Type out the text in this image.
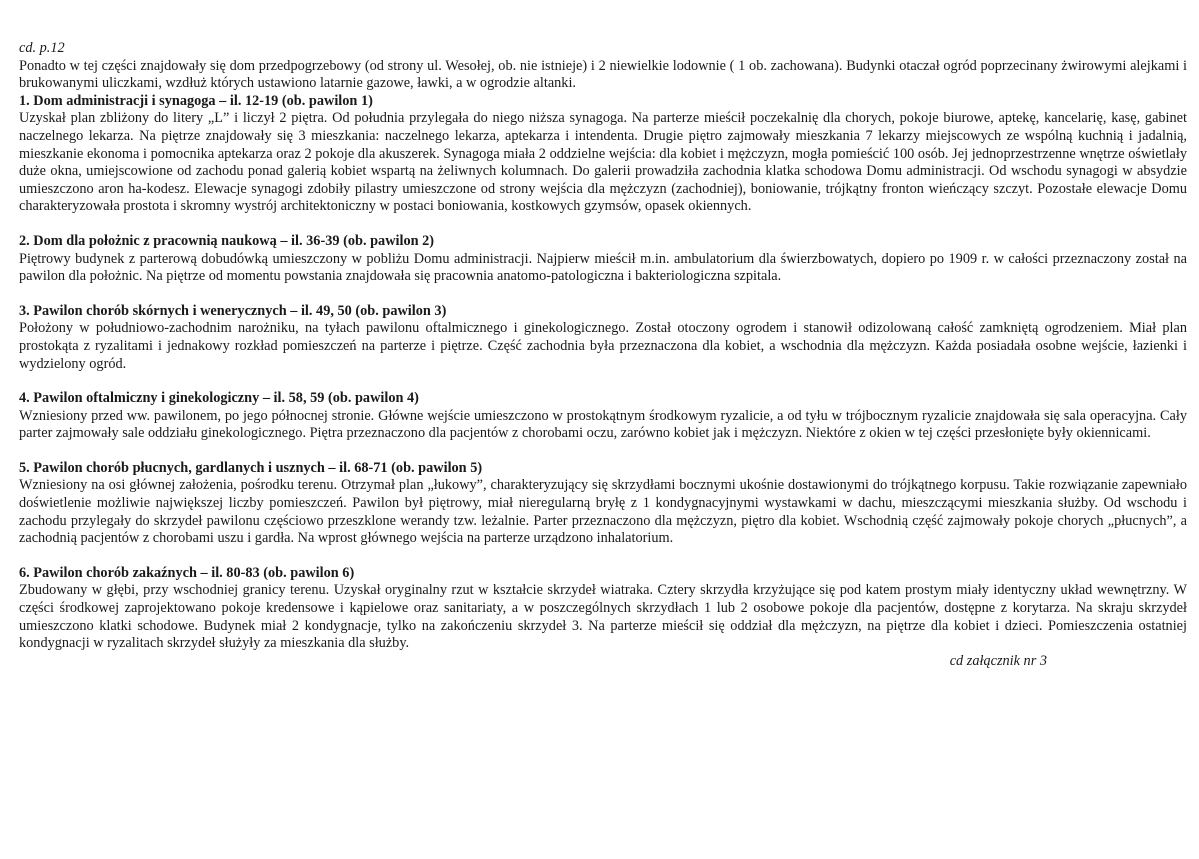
cd. p.12

Ponadto w tej części znajdowały się dom przedpogrzebowy (od strony ul. Wesołej, ob. nie istnieje) i 2 niewielkie lodownie ( 1 ob. zachowana). Budynki otaczał ogród poprzecinany żwirowymi alejkami i brukowanymi uliczkami, wzdłuż których ustawiono latarnie gazowe, ławki, a w ogrodzie altanki.

1. Dom administracji i synagoga – il. 12-19 (ob. pawilon 1)

Uzyskał plan zbliżony do litery „L” i liczył 2 piętra. Od południa przylegała do niego niższa synagoga. Na parterze mieścił poczekalnię dla chorych, pokoje biurowe, aptekę, kancelarię, kasę, gabinet naczelnego lekarza. Na piętrze znajdowały się 3 mieszkania: naczelnego lekarza, aptekarza i intendenta. Drugie piętro zajmowały mieszkania 7 lekarzy miejscowych ze wspólną kuchnią i jadalnią, mieszkanie ekonoma i pomocnika aptekarza oraz 2 pokoje dla akuszerek. Synagoga miała 2 oddzielne wejścia: dla kobiet i mężczyzn, mogła pomieścić 100 osób. Jej jednoprzestrzenne wnętrze oświetlały duże okna, umiejscowione od zachodu ponad galerią kobiet wspartą na żeliwnych kolumnach. Do galerii prowadziła zachodnia klatka schodowa Domu administracji. Od wschodu synagogi w absydzie umieszczono aron ha-kodesz. Elewacje synagogi zdobiły pilastry umieszczone od strony wejścia dla mężczyzn (zachodniej), boniowanie, trójkątny fronton wieńczący szczyt. Pozostałe elewacje Domu charakteryzowała prostota i skromny wystrój architektoniczny w postaci boniowania, kostkowych gzymsów, opasek okiennych.

2. Dom dla położnic z pracownią naukową – il. 36-39 (ob. pawilon 2)

Piętrowy budynek z parterową dobudówką umieszczony w pobliżu Domu administracji. Najpierw mieścił m.in. ambulatorium dla świerzbowatych, dopiero po 1909 r. w całości przeznaczony został na pawilon dla położnic. Na piętrze od momentu powstania znajdowała się pracownia anatomo-patologiczna i bakteriologiczna szpitala.

3. Pawilon chorób skórnych i wenerycznych – il. 49, 50 (ob. pawilon 3)

Położony w południowo-zachodnim narożniku, na tyłach pawilonu oftalmicznego i ginekologicznego. Został otoczony ogrodem i stanowił odizolowaną całość zamkniętą ogrodzeniem. Miał plan prostokąta z ryzalitami i jednakowy rozkład pomieszczeń na parterze i piętrze. Część zachodnia była przeznaczona dla kobiet, a wschodnia dla mężczyzn. Każda posiadała osobne wejście, łazienki i wydzielony ogród.

4. Pawilon oftalmiczny i ginekologiczny – il. 58, 59 (ob. pawilon 4)

Wzniesiony przed ww. pawilonem, po jego północnej stronie. Główne wejście umieszczono w prostokątnym środkowym ryzalicie, a od tyłu w trójbocznym ryzalicie znajdowała się sala operacyjna. Cały parter zajmowały sale oddziału ginekologicznego. Piętra przeznaczono dla pacjentów z chorobami oczu, zarówno kobiet jak i mężczyzn. Niektóre z okien w tej części przesłonięte były okiennicami.

5. Pawilon chorób płucnych, gardlanych i usznych – il. 68-71 (ob. pawilon 5)

Wzniesiony na osi głównej założenia, pośrodku terenu. Otrzymał plan „łukowy”, charakteryzujący się skrzydłami bocznymi ukośnie dostawionymi do trójkątnego korpusu. Takie rozwiązanie zapewniało doświetlenie możliwie największej liczby pomieszczeń. Pawilon był piętrowy, miał nieregularną bryłę z 1 kondygnacyjnymi wystawkami w dachu, mieszczącymi mieszkania służby. Od wschodu i zachodu przylegały do skrzydeł pawilonu częściowo przeszklone werandy tzw. leżalnie. Parter przeznaczono dla mężczyzn, piętro dla kobiet. Wschodnią część zajmowały pokoje chorych „płucnych”, a zachodnią pacjentów z chorobami uszu i gardła. Na wprost głównego wejścia na parterze urządzono inhalatorium.

6. Pawilon chorób zakaźnych – il. 80-83 (ob. pawilon 6)

Zbudowany w głębi, przy wschodniej granicy terenu. Uzyskał oryginalny rzut w kształcie skrzydeł wiatraka. Cztery skrzydła krzyżujące się pod katem prostym miały identyczny układ wewnętrzny. W części środkowej zaprojektowano pokoje kredensowe i kąpielowe oraz sanitariaty, a w poszczególnych skrzydłach 1 lub 2 osobowe pokoje dla pacjentów, dostępne z korytarza. Na skraju skrzydeł umieszczono klatki schodowe. Budynek miał 2 kondygnacje, tylko na zakończeniu skrzydeł 3. Na parterze mieścił się oddział dla mężczyzn, na piętrze dla kobiet i dzieci. Pomieszczenia ostatniej kondygnacji w ryzalitach skrzydeł służyły za mieszkania dla służby.

cd załącznik nr 3
